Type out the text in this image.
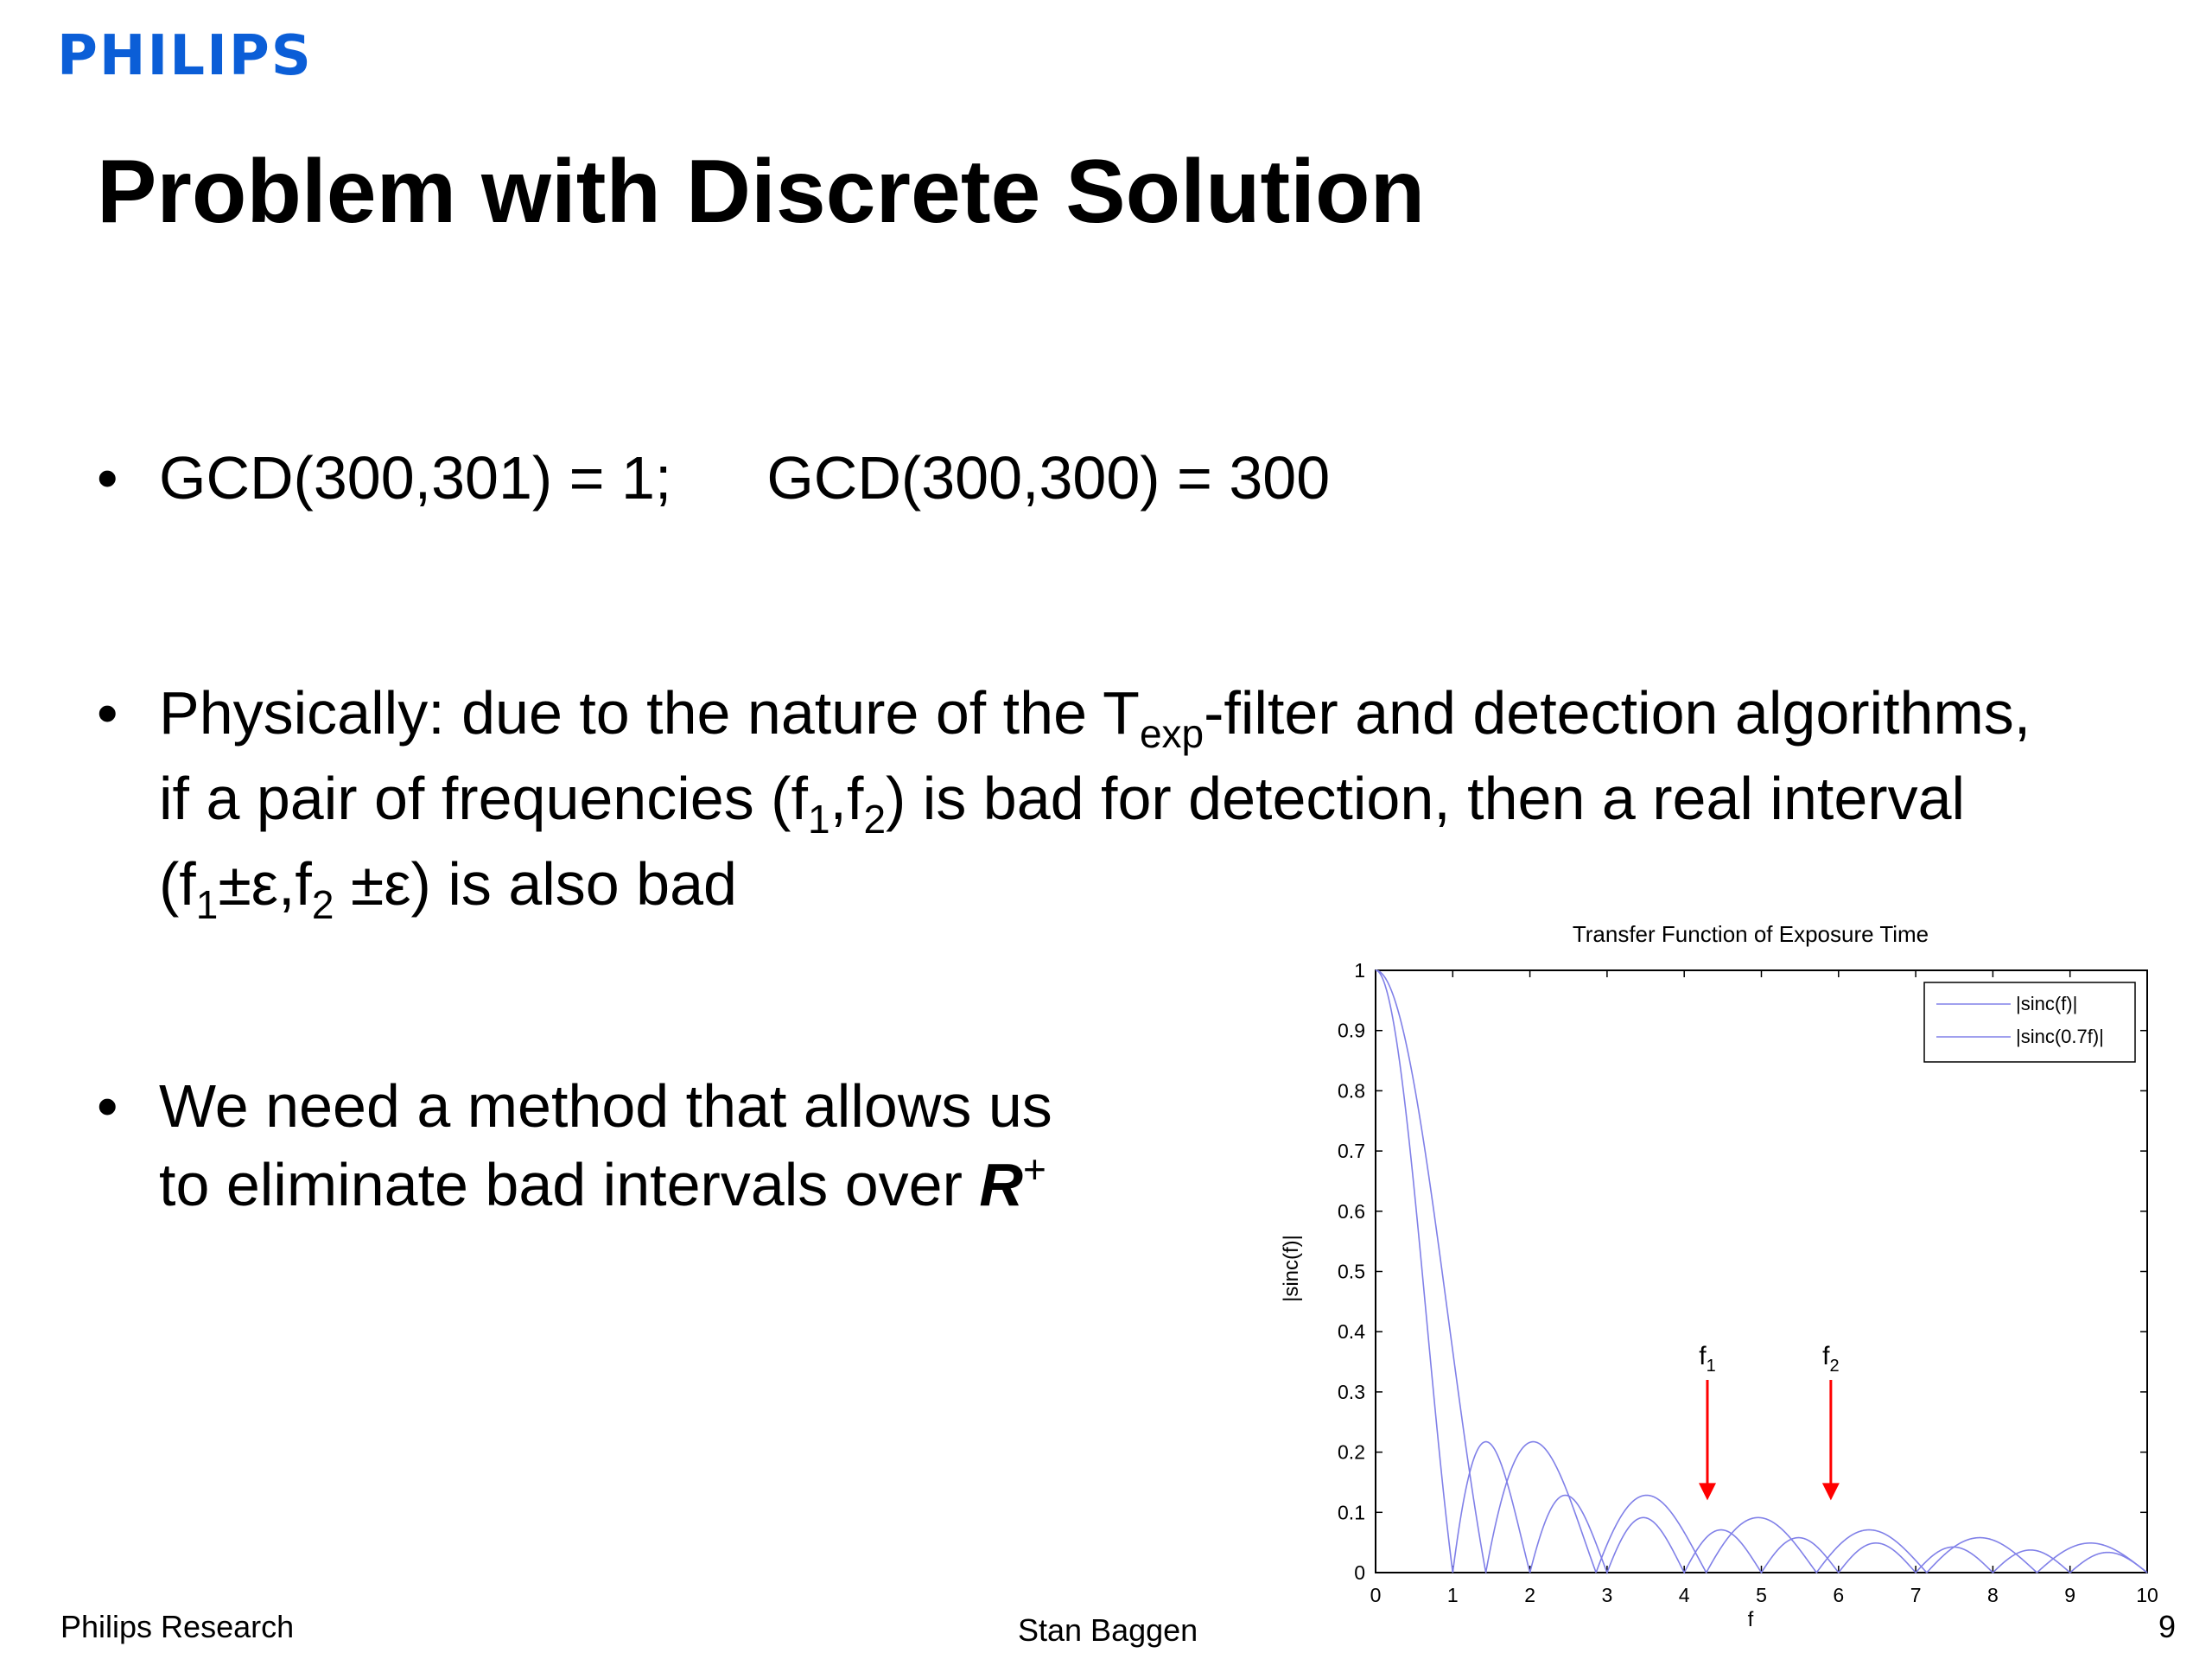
PHILIPS
Problem with Discrete Solution
• GCD(300,301) = 1; GCD(300,300) = 300
• Physically: due to the nature of the $T_{exp}$-filter and detection algorithms,
if a pair of frequencies $(f_1,f_2)$ is bad for detection, then a real interval
$(f_1\pm\varepsilon,f_2 \pm\varepsilon)$ is also bad
• We need a method that allows us
to eliminate bad intervals over R+
Transfer Function of Exposure Time
|sinc(f)|
f
0	1	2	3	4	5	6	7	8	9	10
0
0.1
0.2
0.3
0.4
0.5
0.6
0.7
0.8
0.9
1
|sinc(f)|
|sinc(0.7f)|
$f_1$	$f_2$
Philips Research	Stan Baggen	9
